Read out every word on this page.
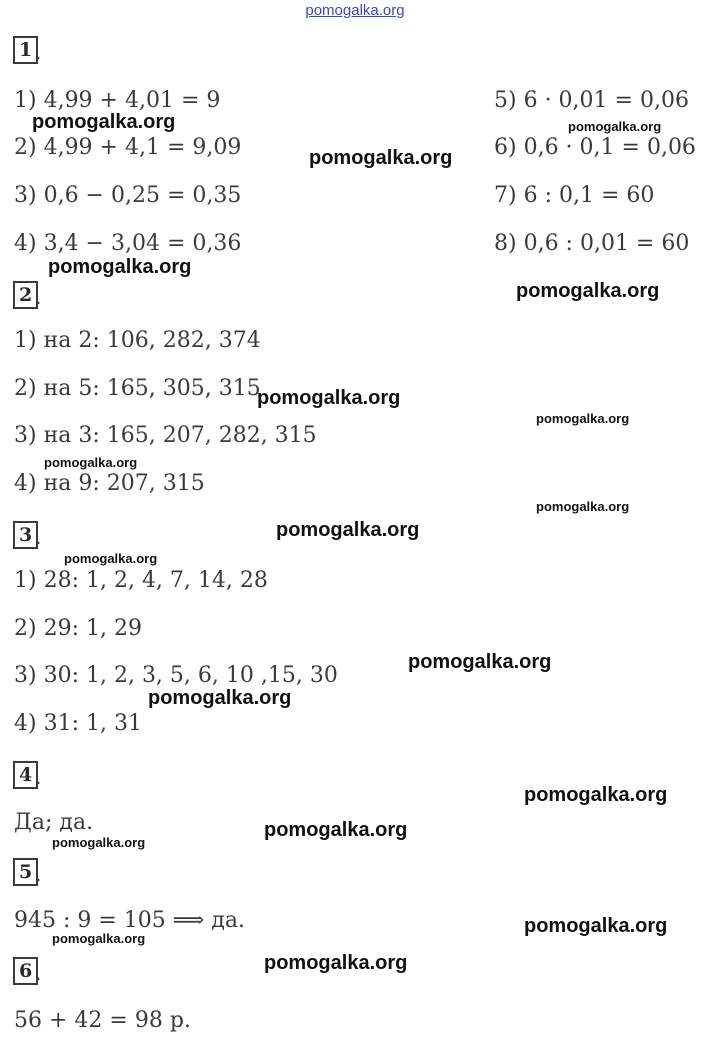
pomogalka.org
1 .
1) 4,99 + 4,01 = 9
2) 4,99 + 4,1 = 9,09
3) 0,6 − 0,25 = 0,35
4) 3,4 − 3,04 = 0,36
5) 6 · 0,01 = 0,06
6) 0,6 · 0,1 = 0,06
7) 6 : 0,1 = 60
8) 0,6 : 0,01 = 60
2 .
1) на 2: 106, 282, 374
2) на 5: 165, 305, 315
3) на 3: 165, 207, 282, 315
4) на 9: 207, 315
3 .
1) 28: 1, 2, 4, 7, 14, 28
2) 29: 1, 29
3) 30: 1, 2, 3, 5, 6, 10 ,15, 30
4) 31: 1, 31
4 .
Да; да.
5 .
945 : 9 = 105 ⟹ да.
6 .
56 + 42 = 98 р.
pomogalka.org	pomogalka.org
pomogalka.org
pomogalka.org
pomogalka.org
pomogalka.org
pomogalka.org
pomogalka.org
pomogalka.org
pomogalka.org
pomogalka.org
pomogalka.org
pomogalka.org
pomogalka.org
pomogalka.org
pomogalka.org
pomogalka.org
pomogalka.org
pomogalka.org
